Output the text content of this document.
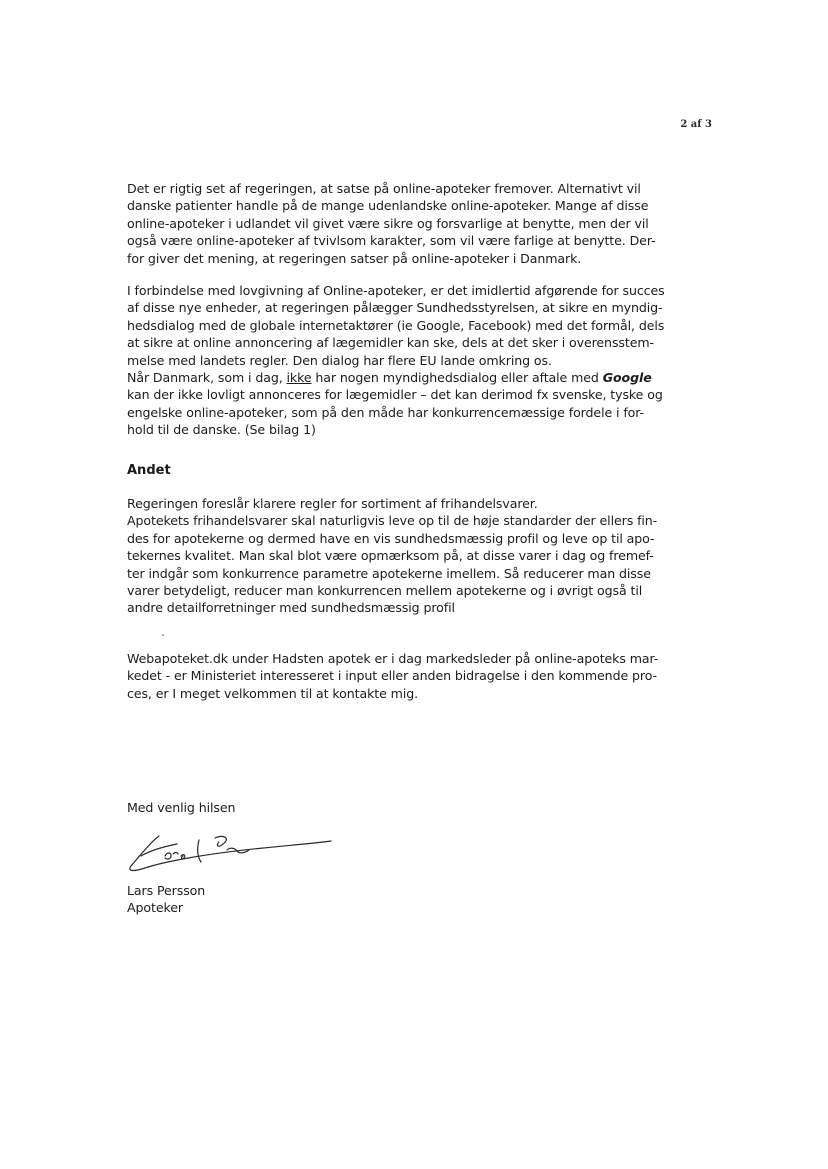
2 af 3
Det er rigtig set af regeringen, at satse på online-apoteker fremover. Alternativt vil
danske patienter handle på de mange udenlandske online-apoteker. Mange af disse
online-apoteker i udlandet vil givet være sikre og forsvarlige at benytte, men der vil
også være online-apoteker af tvivlsom karakter, som vil være farlige at benytte. Der-
for giver det mening, at regeringen satser på online-apoteker i Danmark.
I forbindelse med lovgivning af Online-apoteker, er det imidlertid afgørende for succes
af disse nye enheder, at regeringen pålægger Sundhedsstyrelsen, at sikre en myndig-
hedsdialog med de globale internetaktører (ie Google, Facebook) med det formål, dels
at sikre at online annoncering af lægemidler kan ske, dels at det sker i overensstem-
melse med landets regler. Den dialog har flere EU lande omkring os.
Når Danmark, som i dag, ikke har nogen myndighedsdialog eller aftale med Google
kan der ikke lovligt annonceres for lægemidler – det kan derimod fx svenske, tyske og
engelske online-apoteker, som på den måde har konkurrencemæssige fordele i for-
hold til de danske. (Se bilag 1)
Andet
Regeringen foreslår klarere regler for sortiment af frihandelsvarer.
Apotekets frihandelsvarer skal naturligvis leve op til de høje standarder der ellers fin-
des for apotekerne og dermed have en vis sundhedsmæssig profil og leve op til apo-
tekernes kvalitet. Man skal blot være opmærksom på, at disse varer i dag og fremef-
ter indgår som konkurrence parametre apotekerne imellem. Så reducerer man disse
varer betydeligt, reducer man konkurrencen mellem apotekerne og i øvrigt også til
andre detailforretninger med sundhedsmæssig profil
Webapoteket.dk under Hadsten apotek er i dag markedsleder på online-apoteks mar-
kedet - er Ministeriet interesseret i input eller anden bidragelse i den kommende pro-
ces, er I meget velkommen til at kontakte mig.
Med venlig hilsen
Lars Persson
Apoteker
